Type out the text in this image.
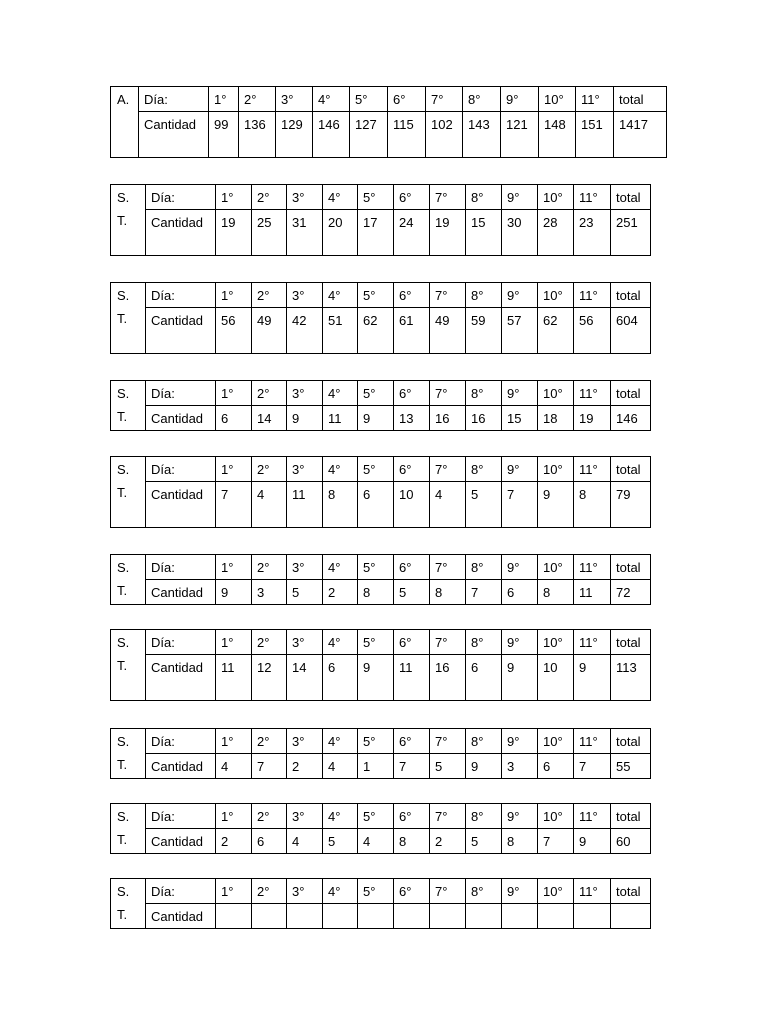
A.	Día:	1°	2°	3°	4°	5°	6°	7°	8°	9°	10°	11°	total
	Cantidad	99	136	129	146	127	115	102	143	121	148	151	1417
S. T.	Día:	1°	2°	3°	4°	5°	6°	7°	8°	9°	10°	11°	total
	Cantidad	19	25	31	20	17	24	19	15	30	28	23	251
S. T.	Día:	1°	2°	3°	4°	5°	6°	7°	8°	9°	10°	11°	total
	Cantidad	56	49	42	51	62	61	49	59	57	62	56	604
S. T.	Día:	1°	2°	3°	4°	5°	6°	7°	8°	9°	10°	11°	total
	Cantidad	6	14	9	11	9	13	16	16	15	18	19	146
S. T.	Día:	1°	2°	3°	4°	5°	6°	7°	8°	9°	10°	11°	total
	Cantidad	7	4	11	8	6	10	4	5	7	9	8	79
S. T.	Día:	1°	2°	3°	4°	5°	6°	7°	8°	9°	10°	11°	total
	Cantidad	9	3	5	2	8	5	8	7	6	8	11	72
S. T.	Día:	1°	2°	3°	4°	5°	6°	7°	8°	9°	10°	11°	total
	Cantidad	11	12	14	6	9	11	16	6	9	10	9	113
S. T.	Día:	1°	2°	3°	4°	5°	6°	7°	8°	9°	10°	11°	total
	Cantidad	4	7	2	4	1	7	5	9	3	6	7	55
S. T.	Día:	1°	2°	3°	4°	5°	6°	7°	8°	9°	10°	11°	total
	Cantidad	2	6	4	5	4	8	2	5	8	7	9	60
S. T.	Día:	1°	2°	3°	4°	5°	6°	7°	8°	9°	10°	11°	total
	Cantidad												
